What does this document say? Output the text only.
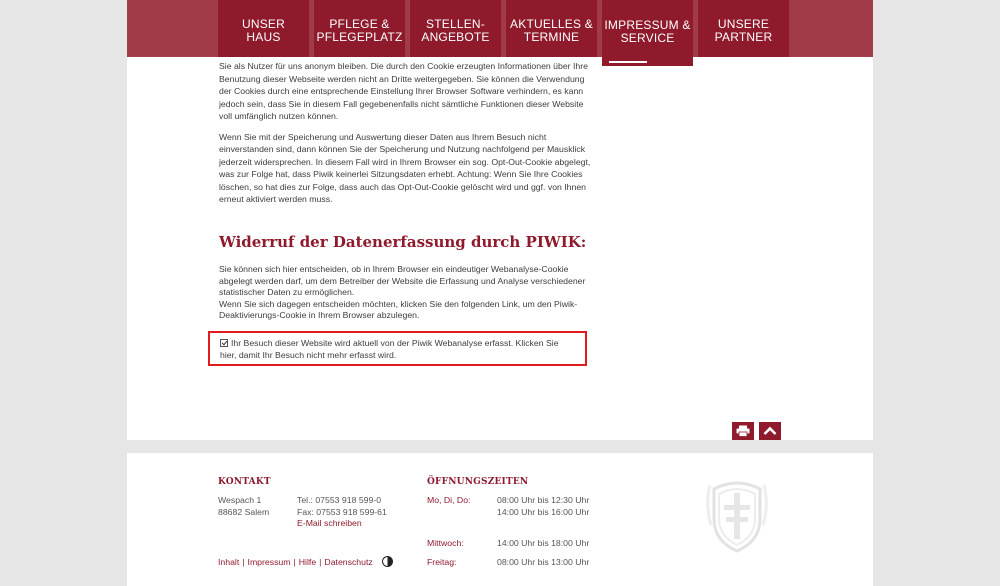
UNSER
HAUS
PFLEGE &
PFLEGEPLATZ
STELLEN-
ANGEBOTE
AKTUELLES &
TERMINE
IMPRESSUM &
SERVICE
UNSERE
PARTNER

Sie als Nutzer für uns anonym bleiben. Die durch den Cookie erzeugten Informationen über Ihre Benutzung dieser Webseite werden nicht an Dritte weitergegeben. Sie können die Verwendung der Cookies durch eine entsprechende Einstellung Ihrer Browser Software verhindern, es kann jedoch sein, dass Sie in diesem Fall gegebenenfalls nicht sämtliche Funktionen dieser Website voll umfänglich nutzen können.

Wenn Sie mit der Speicherung und Auswertung dieser Daten aus Ihrem Besuch nicht einverstanden sind, dann können Sie der Speicherung und Nutzung nachfolgend per Mausklick jederzeit widersprechen. In diesem Fall wird in Ihrem Browser ein sog. Opt-Out-Cookie abgelegt, was zur Folge hat, dass Piwik keinerlei Sitzungsdaten erhebt. Achtung: Wenn Sie Ihre Cookies löschen, so hat dies zur Folge, dass auch das Opt-Out-Cookie gelöscht wird und ggf. von Ihnen erneut aktiviert werden muss.

Widerruf der Datenerfassung durch PIWIK:
Sie können sich hier entscheiden, ob in Ihrem Browser ein eindeutiger Webanalyse-Cookie abgelegt werden darf, um dem Betreiber der Website die Erfassung und Analyse verschiedener statistischer Daten zu ermöglichen.
Wenn Sie sich dagegen entscheiden möchten, klicken Sie den folgenden Link, um den Piwik-Deaktivierungs-Cookie in Ihrem Browser abzulegen.
Ihr Besuch dieser Website wird aktuell von der Piwik Webanalyse erfasst. Klicken Sie hier, damit Ihr Besuch nicht mehr erfasst wird.
KONTAKT
Wespach 1
88682 Salem
Tel.: 07553 918 599-0
Fax: 07553 918 599-61
E-Mail schreiben
ÖFFNUNGSZEITEN
Mo, Di, Do:	08:00 Uhr bis 12:30 Uhr
14:00 Uhr bis 16:00 Uhr
Mittwoch:	14:00 Uhr bis 18:00 Uhr
Freitag:	08:00 Uhr bis 13:00 Uhr
Inhalt | Impressum | Hilfe | Datenschutz
